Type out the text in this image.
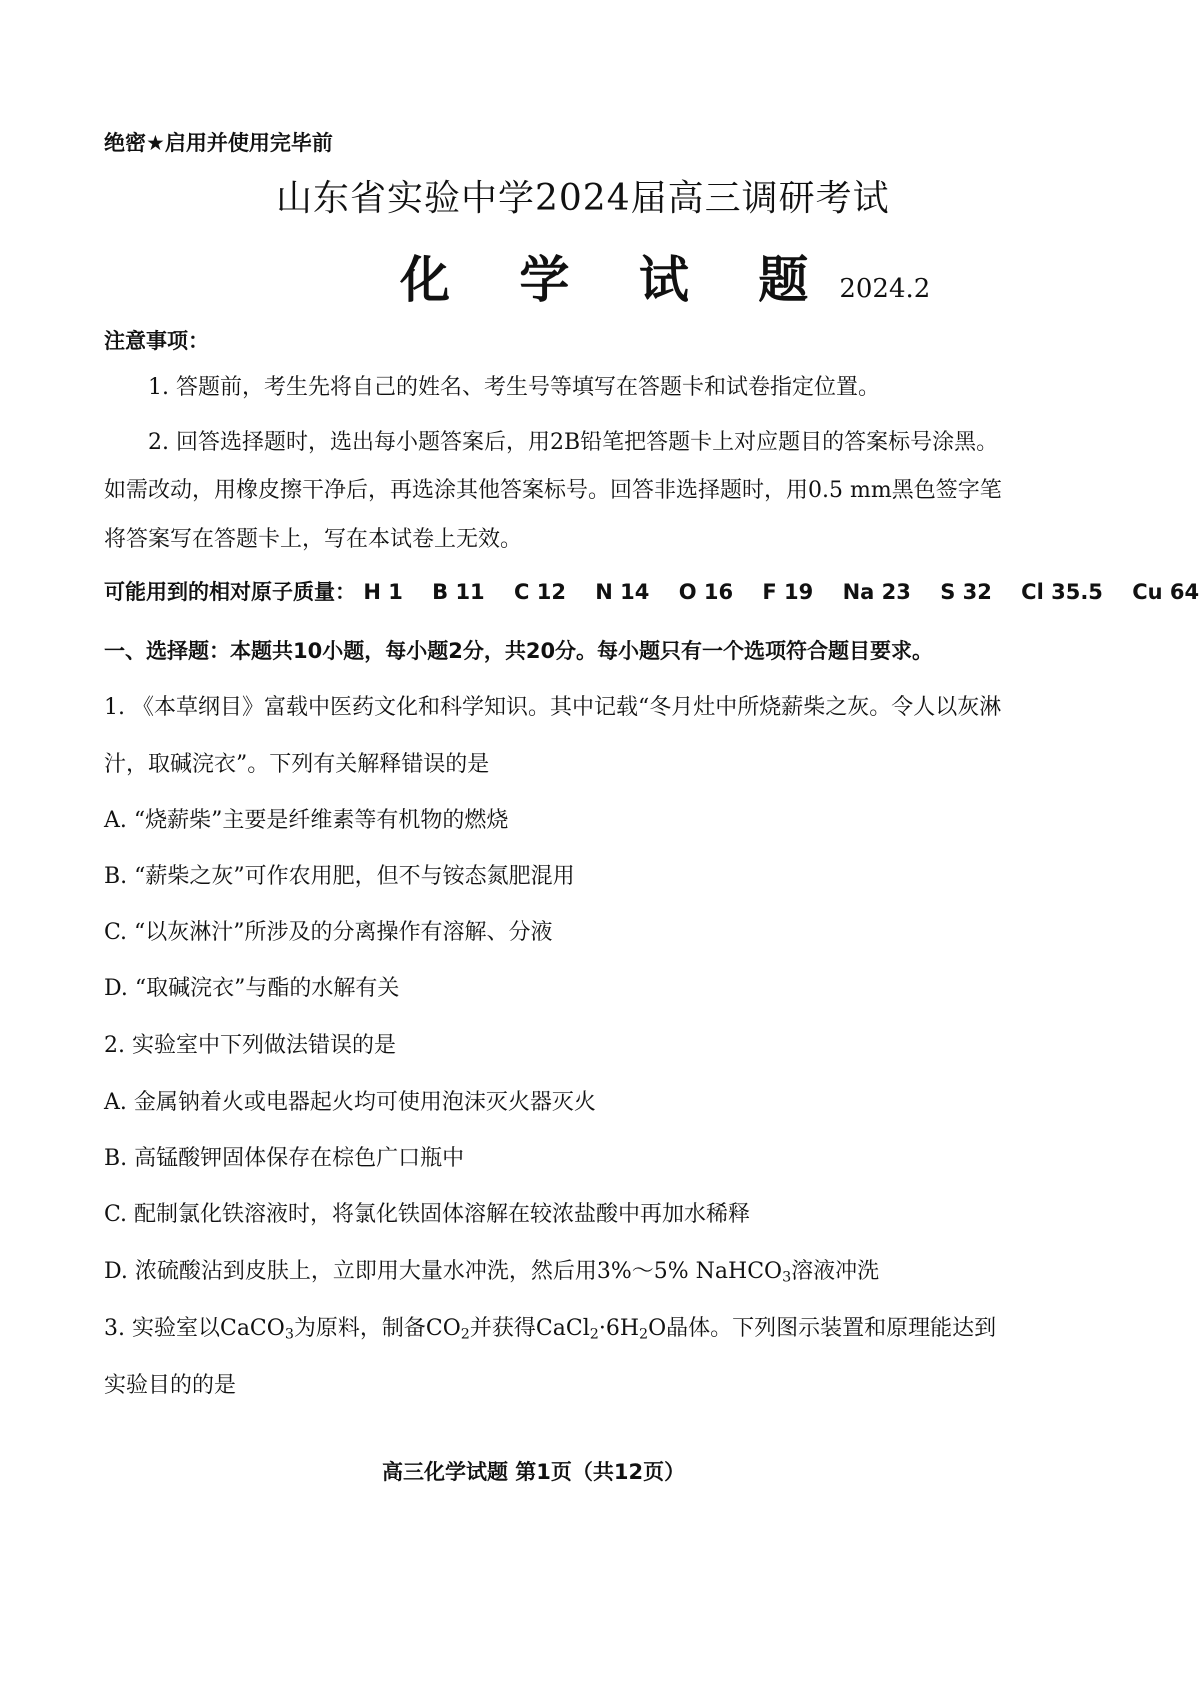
绝密★启用并使用完毕前
山东省实验中学2024届高三调研考试
化 学 试 题 2024.2
注意事项：
1. 答题前，考生先将自己的姓名、考生号等填写在答题卡和试卷指定位置。
2. 回答选择题时，选出每小题答案后，用2B铅笔把答题卡上对应题目的答案标号涂黑。
如需改动，用橡皮擦干净后，再选涂其他答案标号。回答非选择题时，用0.5 mm黑色签字笔
将答案写在答题卡上，写在本试卷上无效。
可能用到的相对原子质量： H 1 B 11 C 12 N 14 O 16 F 19 Na 23 S 32 Cl 35.5 Cu 64
一、选择题：本题共10小题，每小题2分，共20分。每小题只有一个选项符合题目要求。
1. 《本草纲目》富载中医药文化和科学知识。其中记载“冬月灶中所烧薪柴之灰。令人以灰淋
汁，取碱浣衣”。下列有关解释错误的是
A. “烧薪柴”主要是纤维素等有机物的燃烧
B. “薪柴之灰”可作农用肥，但不与铵态氮肥混用
C. “以灰淋汁”所涉及的分离操作有溶解、分液
D. “取碱浣衣”与酯的水解有关
2. 实验室中下列做法错误的是
A. 金属钠着火或电器起火均可使用泡沫灭火器灭火
B. 高锰酸钾固体保存在棕色广口瓶中
C. 配制氯化铁溶液时，将氯化铁固体溶解在较浓盐酸中再加水稀释
D. 浓硫酸沾到皮肤上，立即用大量水冲洗，然后用3%～5% NaHCO$_3$溶液冲洗
3. 实验室以CaCO$_3$为原料，制备$CO_2$并获得$CaCl_2\cdot 6H_2O$晶体。下列图示装置和原理能达到
实验目的的是
高三化学试题 第1页（共12页）
